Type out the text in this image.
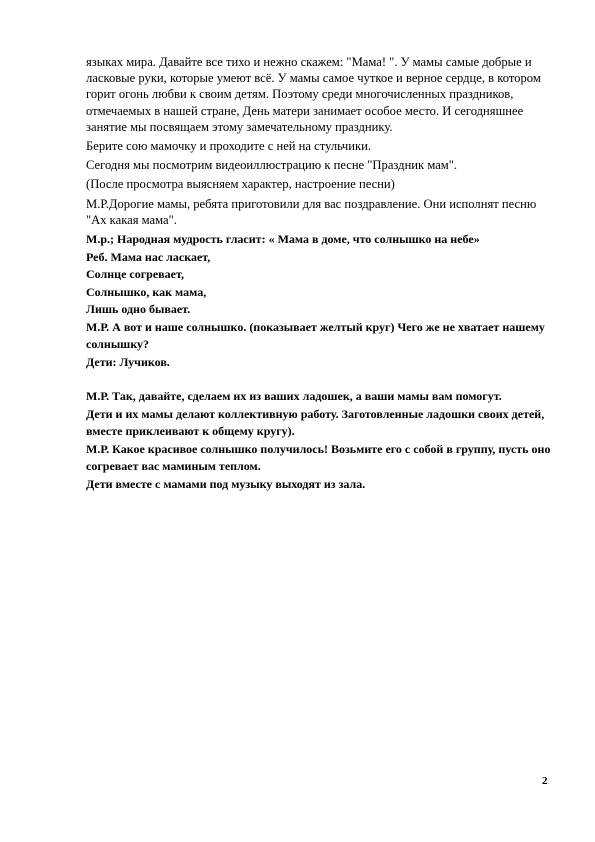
языках мира. Давайте все тихо и нежно скажем: "Мама! ". У мамы самые добрые и ласковые руки, которые умеют всё. У мамы самое чуткое и верное сердце, в котором горит огонь любви к своим детям. Поэтому среди многочисленных праздников, отмечаемых в нашей стране, День матери занимает особое место. И сегодняшнее занятие мы посвящаем этому замечательному празднику.

Берите сою мамочку и проходите с ней на стульчики.

Сегодня мы посмотрим видеоиллюстрацию к песне "Праздник мам".

(После просмотра выясняем характер, настроение песни)

М.Р.Дорогие мамы, ребята приготовили для вас поздравление. Они исполнят песню "Ах какая мама".

М.р.; Народная мудрость гласит: « Мама в доме, что солнышко на небе»

Реб. Мама нас ласкает,

Солнце согревает,

Солнышко, как мама,

Лишь одно бывает.

М.Р. А вот и наше солнышко. (показывает желтый круг) Чего же не хватает нашему солнышку?

Дети: Лучиков.

М.Р. Так, давайте, сделаем их из ваших ладошек, а ваши мамы вам помогут.

Дети и их мамы делают коллективную работу. Заготовленные ладошки своих детей, вместе приклеивают к общему кругу).

М.Р. Какое красивое солнышко получилось! Возьмите его с собой в группу, пусть оно согревает вас маминым теплом.

Дети вместе с мамами под музыку выходят из зала.

2
